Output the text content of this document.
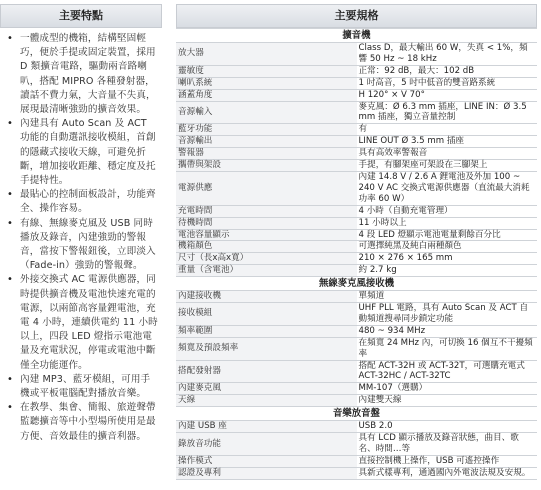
主要特點
• 一體成型的機箱，結構堅固輕巧，便於手提或固定裝置，採用 D 類擴音電路，驅動兩音路喇叭，搭配 MIPRO 各種發射器，讀話不費力氣，大音量不失真，展現最清晰強勁的擴音效果。
• 內建具有 Auto Scan 及 ACT 功能的自動選訊接收模組，首創的隱藏式接收天線，可避免折斷，增加接收距離、穩定度及托手提特性。
• 最貼心的控制面板設計，功能齊全、操作容易。
• 有線、無線麥克風及 USB 同時播放及錄音，內建強勁的警報音，當按下警報鈕後，立即淡入（Fade-in）強勁的警報聲。
• 外接交換式 AC 電源供應器，同時提供擴音機及電池快速充電的電源，以兩節高容量鋰電池，充電 4 小時，連續供電約 11 小時以上，四段 LED 燈指示電池電量及充電狀況，停電或電池中斷僅全功能運作。
• 內建 MP3、藍牙模組，可用手機或平板電腦配對播放音樂。
• 在教學、集會、簡報、旅遊聲帶監聽擴音等中小型場所使用是最方便、音效最佳的擴音利器。
主要規格
擴音機	
放大器	Class D，最大輸出 60 W，失真 < 1%，頻響 50 Hz ~ 18 kHz
靈敏度	正常：92 dB，最大：102 dB
喇叭系統	1 吋高音，5 吋中低音的雙音路系統
涵蓋角度	H 120° × V 70°
音源輸入	麥克風：Ø 6.3 mm 插座，LINE IN：Ø 3.5 mm 插座，獨立音量控制
藍牙功能	有
音源輸出	LINE OUT Ø 3.5 mm 插座
警報器	具有高效率警報音
攜帶與架設	手提，有腳架座可架設在三腳架上
電源供應	內建 14.8 V / 2.6 A 鋰電池及外加 100 ~ 240 V AC 交換式電源供應器（直流最大消耗功率 60 W）
充電時間	4 小時（自動充電管理）
待機時間	11 小時以上
電池容量顯示	4 段 LED 燈顯示電池電量剩餘百分比
機箱顏色	可選擇純黑及純白兩種顏色
尺寸（長x高x寬）	210 × 276 × 165 mm
重量（含電池）	約 2.7 kg
無線麥克風接收機	
內建接收機	單頻道
接收模組	UHF PLL 電路，具有 Auto Scan 及 ACT 自動頻道搜尋同步鎖定功能
頻率範圍	480 ~ 934 MHz
頻寬及預設頻率	在頻寬 24 MHz 內，可切換 16 個互不干擾頻率
搭配發射器	搭配 ACT-32H 或 ACT-32T，可選購充電式 ACT-32HC / ACT-32TC
內建麥克風	MM-107（選購）
天線	內建雙天線
音樂放音盤	
內建 USB 座	USB 2.0
錄放音功能	具有 LCD 顯示播放及錄音狀態，曲目、歌名、時間…等
操作模式	直接控制機上操作，USB 可遙控操作
認證及專利	具新式樣專利，通過國內外電波法規及安規。
